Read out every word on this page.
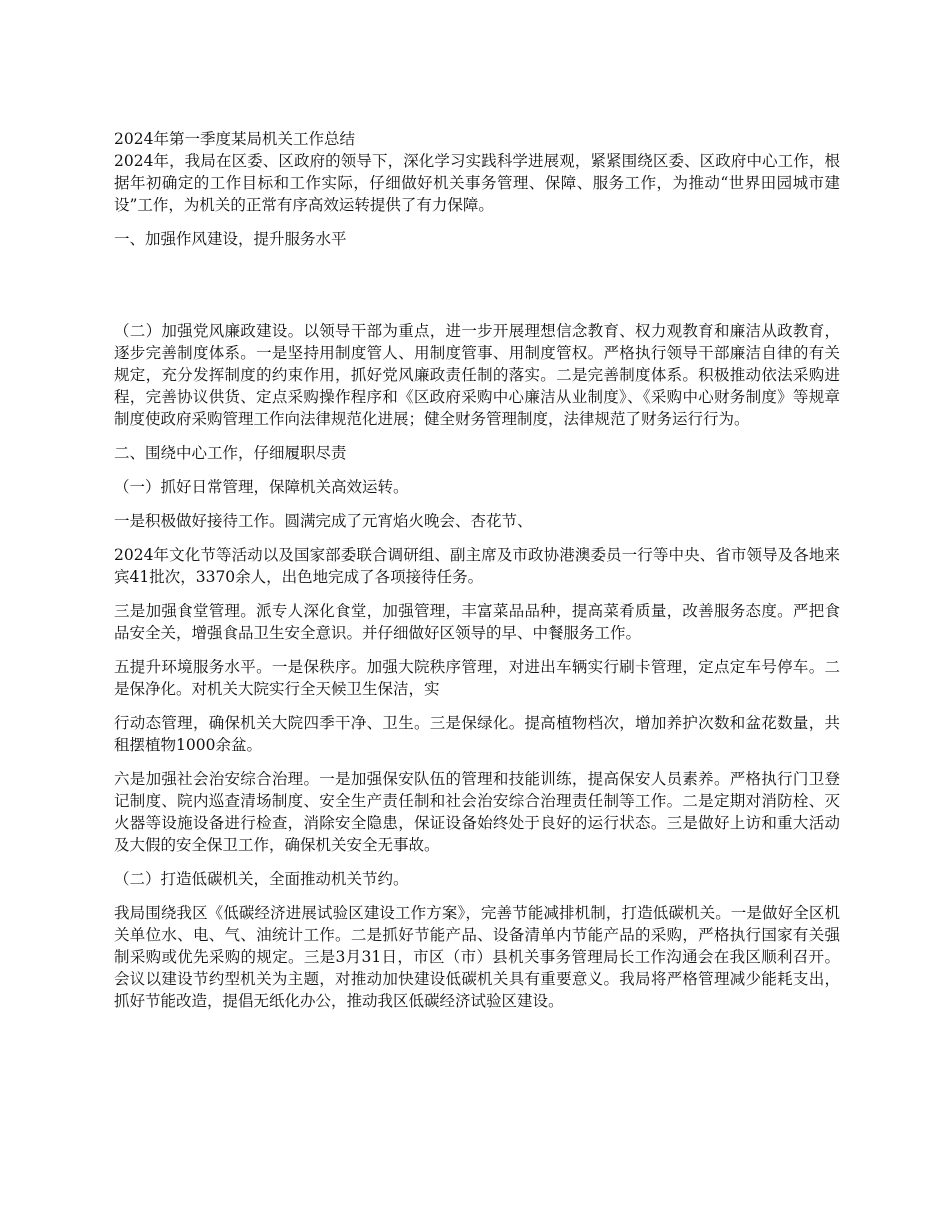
2024年第一季度某局机关工作总结

2024年，我局在区委、区政府的领导下，深化学习实践科学进展观，紧紧围绕区委、区政府中心工作，根据年初确定的工作目标和工作实际，仔细做好机关事务管理、保障、服务工作，为推动“世界田园城市建设”工作，为机关的正常有序高效运转提供了有力保障。

一、加强作风建设，提升服务水平

（二）加强党风廉政建设。以领导干部为重点，进一步开展理想信念教育、权力观教育和廉洁从政教育，逐步完善制度体系。一是坚持用制度管人、用制度管事、用制度管权。严格执行领导干部廉洁自律的有关规定，充分发挥制度的约束作用，抓好党风廉政责任制的落实。二是完善制度体系。积极推动依法采购进程，完善协议供货、定点采购操作程序和《区政府采购中心廉洁从业制度》、《采购中心财务制度》等规章制度使政府采购管理工作向法律规范化进展；健全财务管理制度，法律规范了财务运行行为。

二、围绕中心工作，仔细履职尽责

（一）抓好日常管理，保障机关高效运转。

一是积极做好接待工作。圆满完成了元宵焰火晚会、杏花节、

2024年文化节等活动以及国家部委联合调研组、副主席及市政协港澳委员一行等中央、省市领导及各地来宾41批次，3370余人，出色地完成了各项接待任务。

三是加强食堂管理。派专人深化食堂，加强管理，丰富菜品品种，提高菜肴质量，改善服务态度。严把食品安全关，增强食品卫生安全意识。并仔细做好区领导的早、中餐服务工作。

五提升环境服务水平。一是保秩序。加强大院秩序管理，对进出车辆实行刷卡管理，定点定车号停车。二是保净化。对机关大院实行全天候卫生保洁，实

行动态管理，确保机关大院四季干净、卫生。三是保绿化。提高植物档次，增加养护次数和盆花数量，共租摆植物1000余盆。

六是加强社会治安综合治理。一是加强保安队伍的管理和技能训练，提高保安人员素养。严格执行门卫登记制度、院内巡查清场制度、安全生产责任制和社会治安综合治理责任制等工作。二是定期对消防栓、灭火器等设施设备进行检查，消除安全隐患，保证设备始终处于良好的运行状态。三是做好上访和重大活动及大假的安全保卫工作，确保机关安全无事故。

（二）打造低碳机关，全面推动机关节约。

我局围绕我区《低碳经济进展试验区建设工作方案》，完善节能减排机制，打造低碳机关。一是做好全区机关单位水、电、气、油统计工作。二是抓好节能产品、设备清单内节能产品的采购，严格执行国家有关强制采购或优先采购的规定。三是3月31日，市区（市）县机关事务管理局长工作沟通会在我区顺利召开。会议以建设节约型机关为主题，对推动加快建设低碳机关具有重要意义。我局将严格管理减少能耗支出，抓好节能改造，提倡无纸化办公，推动我区低碳经济试验区建设。
